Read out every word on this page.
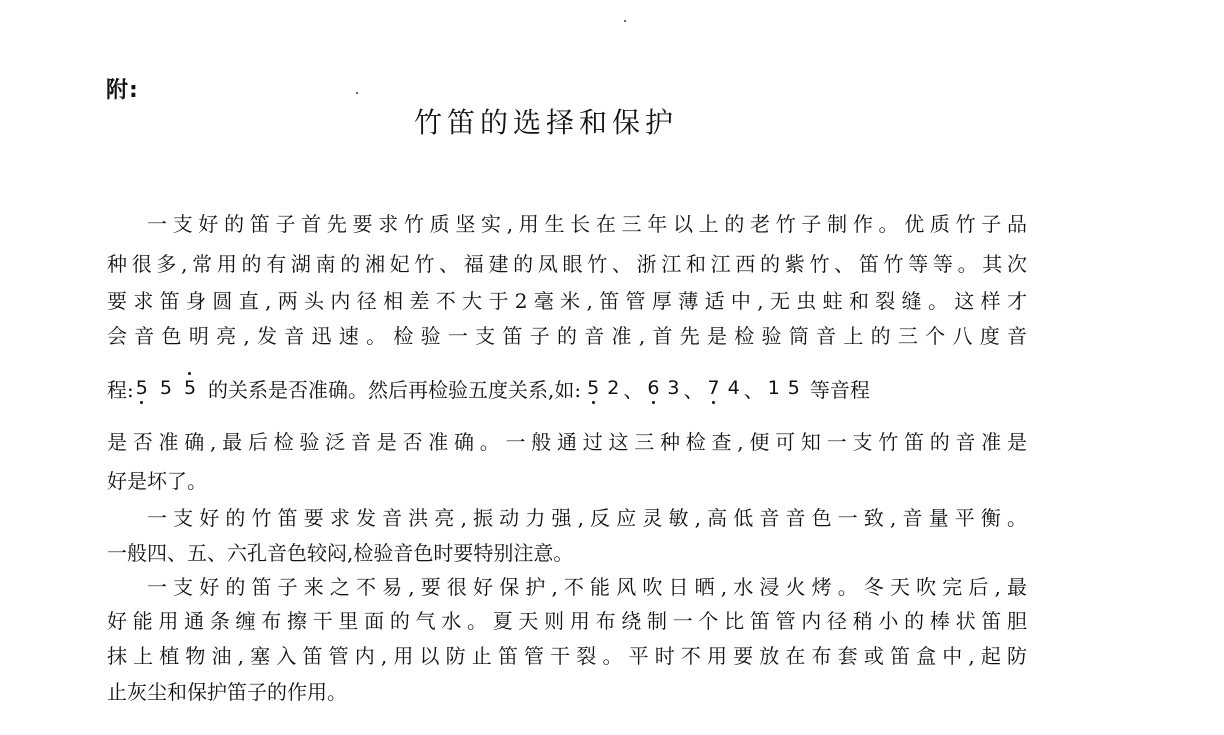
附:
竹笛的选择和保护
一支好的笛子首先要求竹质坚实,用生长在三年以上的老竹子制作。优质竹子品
种很多,常用的有湖南的湘妃竹、福建的凤眼竹、浙江和江西的紫竹、笛竹等等。其次
要求笛身圆直,两头内径相差不大于2毫米,笛管厚薄适中,无虫蛀和裂缝。这样才
会音色明亮,发音迅速。检验一支笛子的音准,首先是检验筒音上的三个八度音
程: 5 5 5 的关系是否准确。然后再检验五度关系,如: 5 2 、 6 3 、 7 4 、 1 5 等音程
是否准确,最后检验泛音是否准确。一般通过这三种检查,便可知一支竹笛的音准是
好是坏了。
一支好的竹笛要求发音洪亮,振动力强,反应灵敏,高低音音色一致,音量平衡。
一般四、五、六孔音色较闷,检验音色时要特别注意。
一支好的笛子来之不易,要很好保护,不能风吹日晒,水浸火烤。冬天吹完后,最
好能用通条缠布擦干里面的气水。夏天则用布绕制一个比笛管内径稍小的棒状笛胆
抹上植物油,塞入笛管内,用以防止笛管干裂。平时不用要放在布套或笛盒中,起防
止灰尘和保护笛子的作用。
